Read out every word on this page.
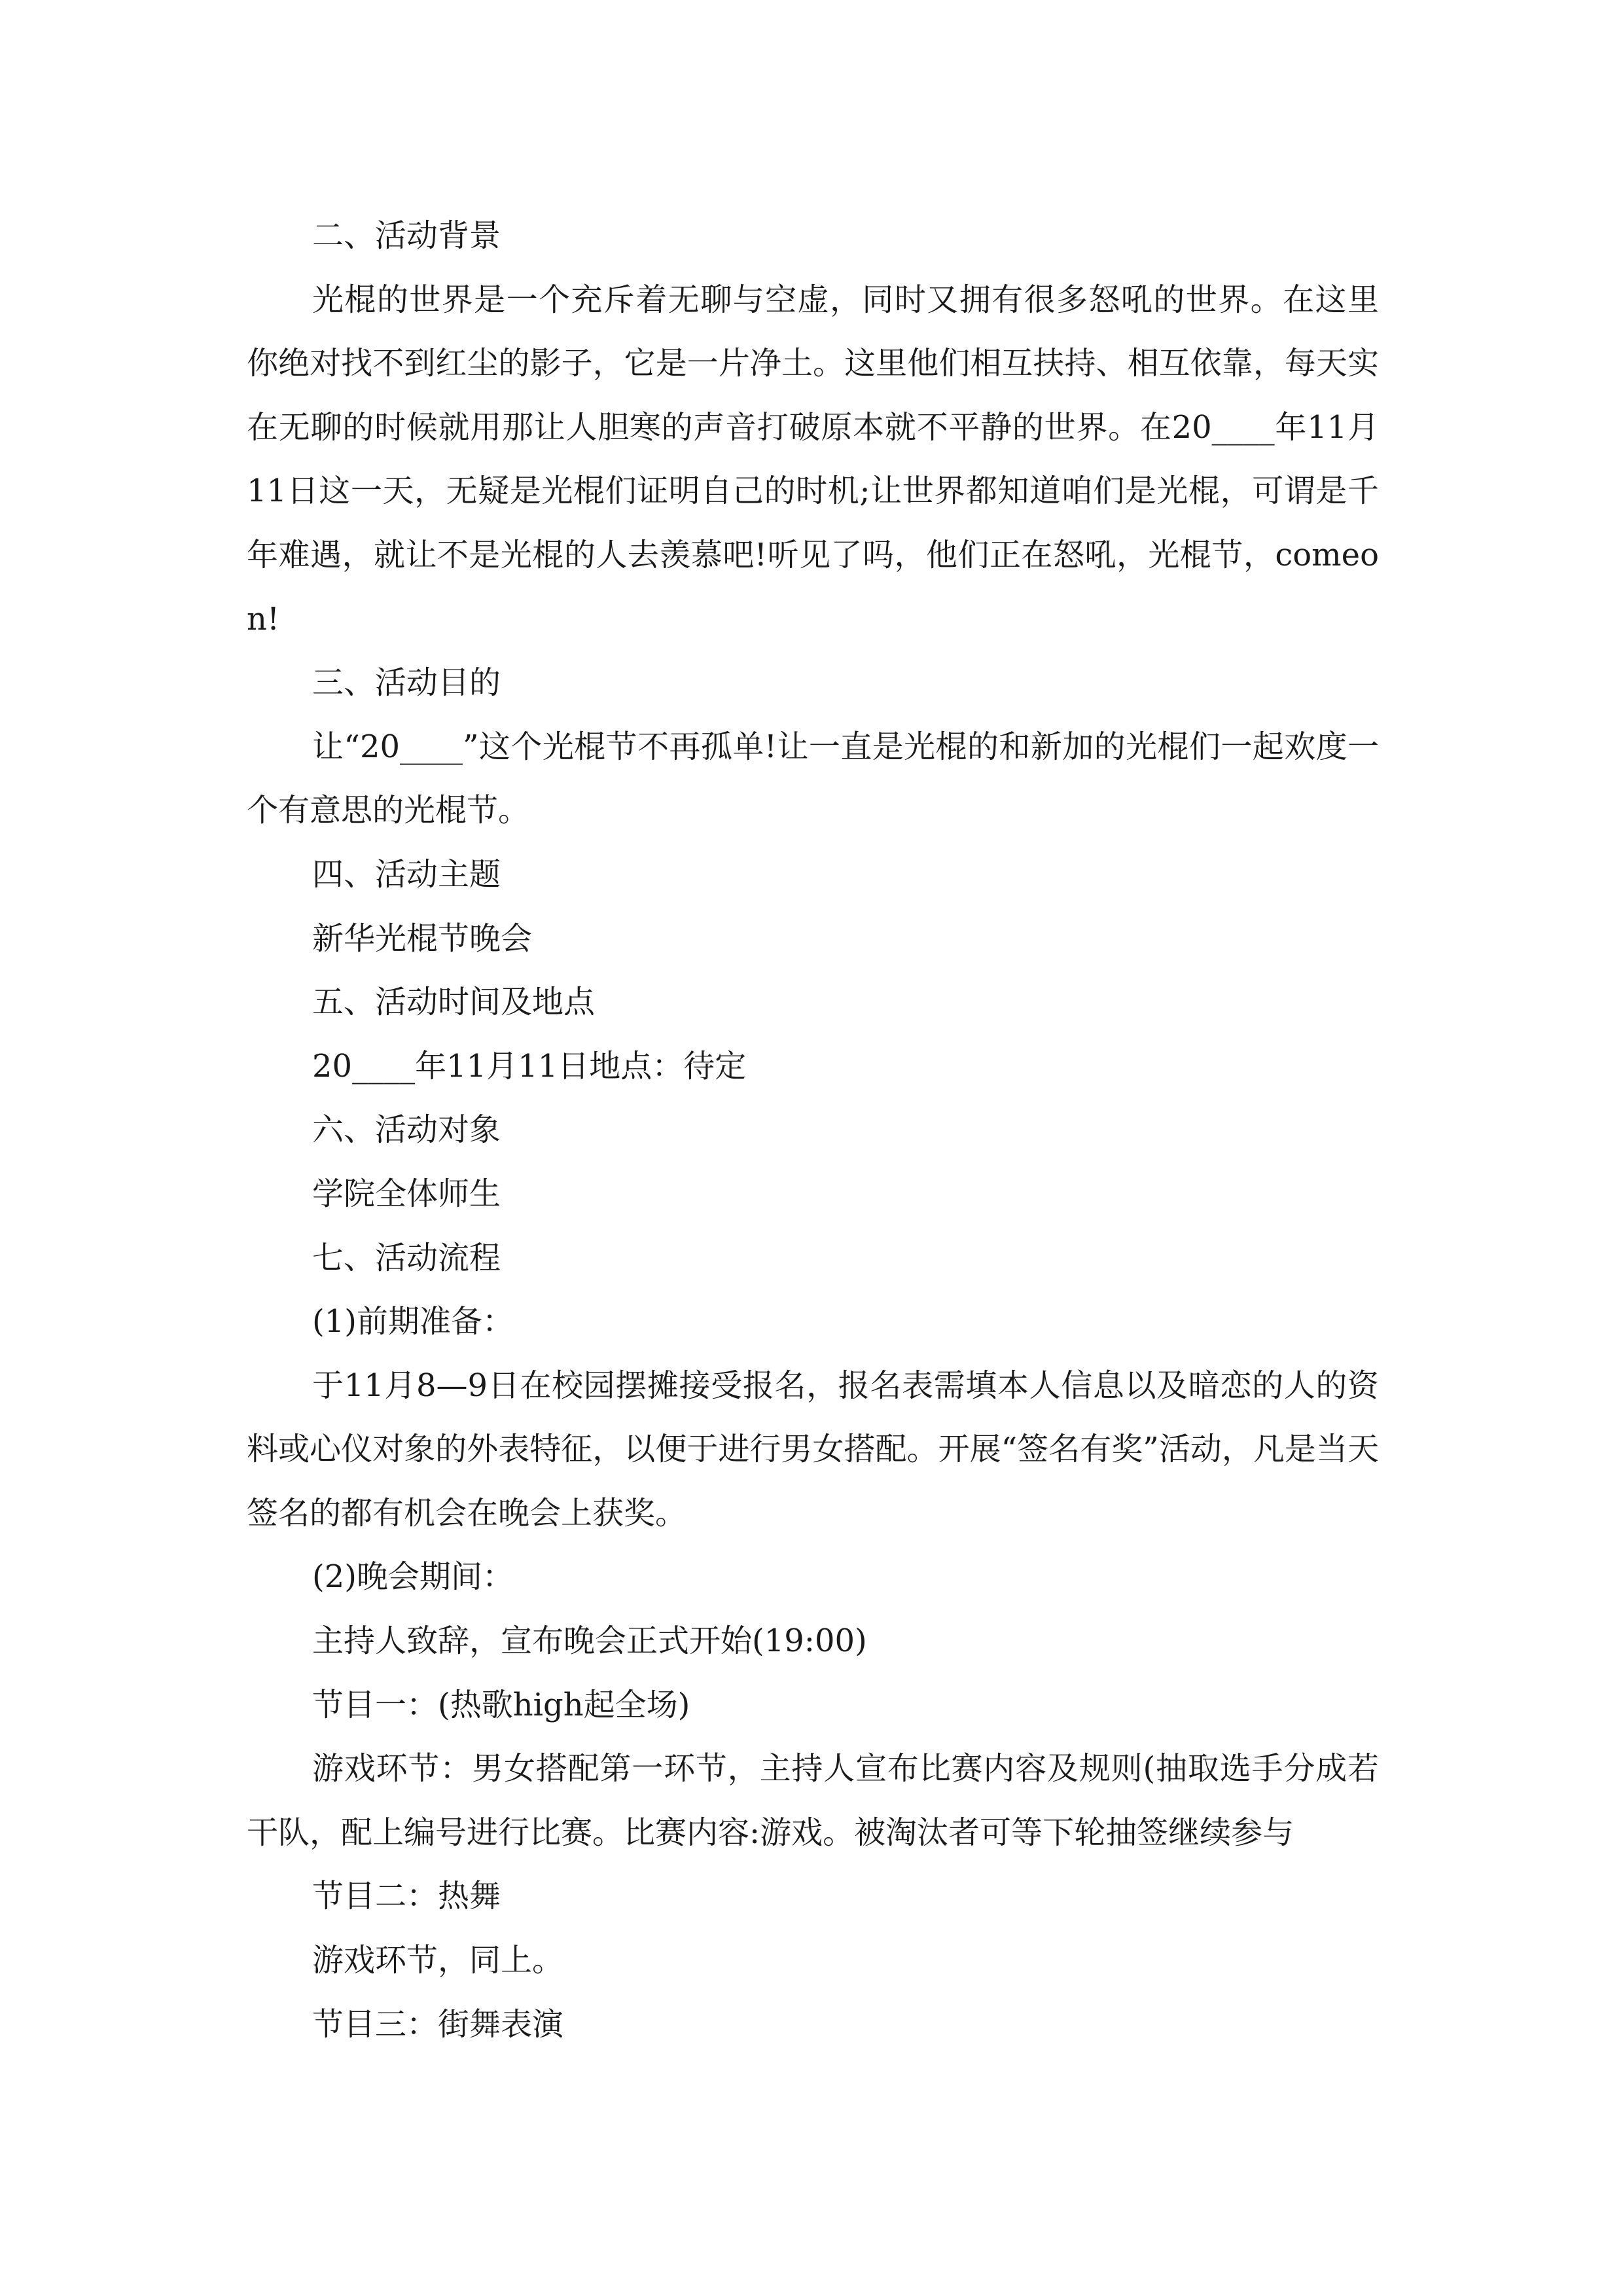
二、活动背景

光棍的世界是一个充斥着无聊与空虚，同时又拥有很多怒吼的世界。在这里你绝对找不到红尘的影子，它是一片净土。这里他们相互扶持、相互依靠，每天实在无聊的时候就用那让人胆寒的声音打破原本就不平静的世界。在20____年11月11日这一天，无疑是光棍们证明自己的时机;让世界都知道咱们是光棍，可谓是千年难遇，就让不是光棍的人去羡慕吧!听见了吗，他们正在怒吼，光棍节，comeon!

三、活动目的

让“20____”这个光棍节不再孤单!让一直是光棍的和新加的光棍们一起欢度一个有意思的光棍节。

四、活动主题

新华光棍节晚会

五、活动时间及地点

20____年11月11日地点：待定

六、活动对象

学院全体师生

七、活动流程

(1)前期准备：

于11月8—9日在校园摆摊接受报名，报名表需填本人信息以及暗恋的人的资料或心仪对象的外表特征，以便于进行男女搭配。开展“签名有奖”活动，凡是当天签名的都有机会在晚会上获奖。

(2)晚会期间：

主持人致辞，宣布晚会正式开始(19:00)

节目一：(热歌high起全场)

游戏环节：男女搭配第一环节，主持人宣布比赛内容及规则(抽取选手分成若干队，配上编号进行比赛。比赛内容:游戏。被淘汰者可等下轮抽签继续参与

节目二：热舞

游戏环节，同上。

节目三：街舞表演
